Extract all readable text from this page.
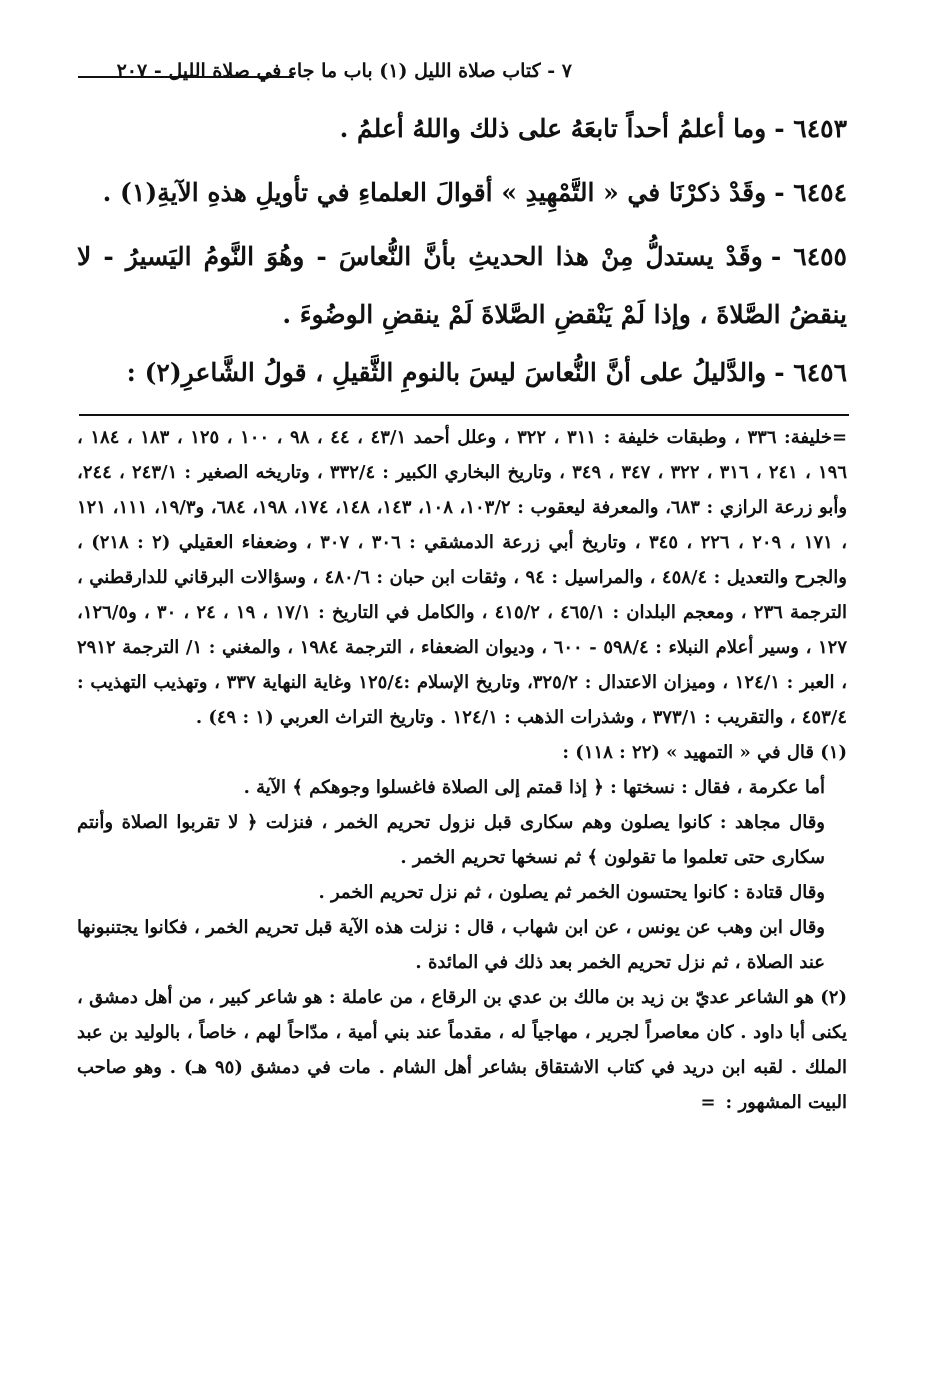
٧ - كتاب صلاة الليل (١) باب ما جاء في صلاة الليل - ٢٠٧

٦٤٥٣ -وما أعلمُ أحداً تابعَهُ على ذلك واللهُ أعلمُ .

٦٤٥٤ -وقَدْ ذكرْنَا في « التَّمْهِيدِ » أقوالَ العلماءِ في تأويلِ هذهِ الآيةِ(١) .

٦٤٥٥ -وقَدْ يستدلُّ مِنْ هذا الحديثِ بأنَّ النُّعاسَ - وهُوَ النَّومُ اليَسيرُ - لا ينقضُ الصَّلاةَ ، وإذا لَمْ يَنْقضِ الصَّلاةَ لَمْ ينقضِ الوضُوءَ .

٦٤٥٦ -والدَّليلُ على أنَّ النُّعاسَ ليسَ بالنومِ الثَّقيلِ ، قولُ الشَّاعرِ(٢) :

=خليفة: ٣٣٦ ، وطبقات خليفة : ٣١١ ، ٣٢٢ ، وعلل أحمد ٤٣/١ ، ٤٤ ، ٩٨ ، ١٠٠ ، ١٢٥ ، ١٨٣ ، ١٨٤ ، ١٩٦ ، ٢٤١ ، ٣١٦ ، ٣٢٢ ، ٣٤٧ ، ٣٤٩ ، وتاريخ البخاري الكبير : ٣٣٢/٤ ، وتاريخه الصغير : ٢٤٣/١ ، ٢٤٤، وأبو زرعة الرازي : ٦٨٣، والمعرفة ليعقوب : ١٠٣/٢، ١٠٨، ١٤٣، ١٤٨، ١٧٤، ١٩٨، ٦٨٤، و١٩/٣، ١١١، ١٢١ ، ١٧١ ، ٢٠٩ ، ٢٢٦ ، ٣٤٥ ، وتاريخ أبي زرعة الدمشقي : ٣٠٦ ، ٣٠٧ ، وضعفاء العقيلي (٢ : ٢١٨) ، والجرح والتعديل : ٤٥٨/٤ ، والمراسيل : ٩٤ ، وثقات ابن حبان : ٤٨٠/٦ ، وسؤالات البرقاني للدارقطني ، الترجمة ٢٣٦ ، ومعجم البلدان : ٤٦٥/١ ، ٤١٥/٢ ، والكامل في التاريخ : ١٧/١ ، ١٩ ، ٢٤ ، ٣٠ ، و١٢٦/٥، ١٢٧ ، وسير أعلام النبلاء : ٥٩٨/٤ - ٦٠٠ ، وديوان الضعفاء ، الترجمة ١٩٨٤ ، والمغني : ١/ الترجمة ٢٩١٢ ، العبر : ١٢٤/١ ، وميزان الاعتدال : ٣٢٥/٢، وتاريخ الإسلام :١٢٥/٤ وغاية النهاية ٣٣٧ ، وتهذيب التهذيب : ٤٥٣/٤ ، والتقريب : ٣٧٣/١ ، وشذرات الذهب : ١٢٤/١ . وتاريخ التراث العربي (١ : ٤٩) .

(١) قال في « التمهيد » (٢٢ : ١١٨) :

أما عكرمة ، فقال : نسختها : ﴿ إذا قمتم إلى الصلاة فاغسلوا وجوهكم ﴾ الآية .

وقال مجاهد : كانوا يصلون وهم سكارى قبل نزول تحريم الخمر ، فنزلت ﴿ لا تقربوا الصلاة وأنتم سكارى حتى تعلموا ما تقولون ﴾ ثم نسخها تحريم الخمر .

وقال قتادة : كانوا يحتسون الخمر ثم يصلون ، ثم نزل تحريم الخمر .

وقال ابن وهب عن يونس ، عن ابن شهاب ، قال : نزلت هذه الآية قبل تحريم الخمر ، فكانوا يجتنبونها عند الصلاة ، ثم نزل تحريم الخمر بعد ذلك في المائدة .

(٢) هو الشاعر عديّ بن زيد بن مالك بن عدي بن الرقاع ، من عاملة : هو شاعر كبير ، من أهل دمشق ، يكنى أبا داود . كان معاصراً لجرير ، مهاجياً له ، مقدماً عند بني أمية ، مدّاحاً لهم ، خاصاً ، بالوليد بن عبد الملك . لقبه ابن دريد في كتاب الاشتقاق بشاعر أهل الشام . مات في دمشق (٩٥ هـ) . وهو صاحب البيت المشهور :=
